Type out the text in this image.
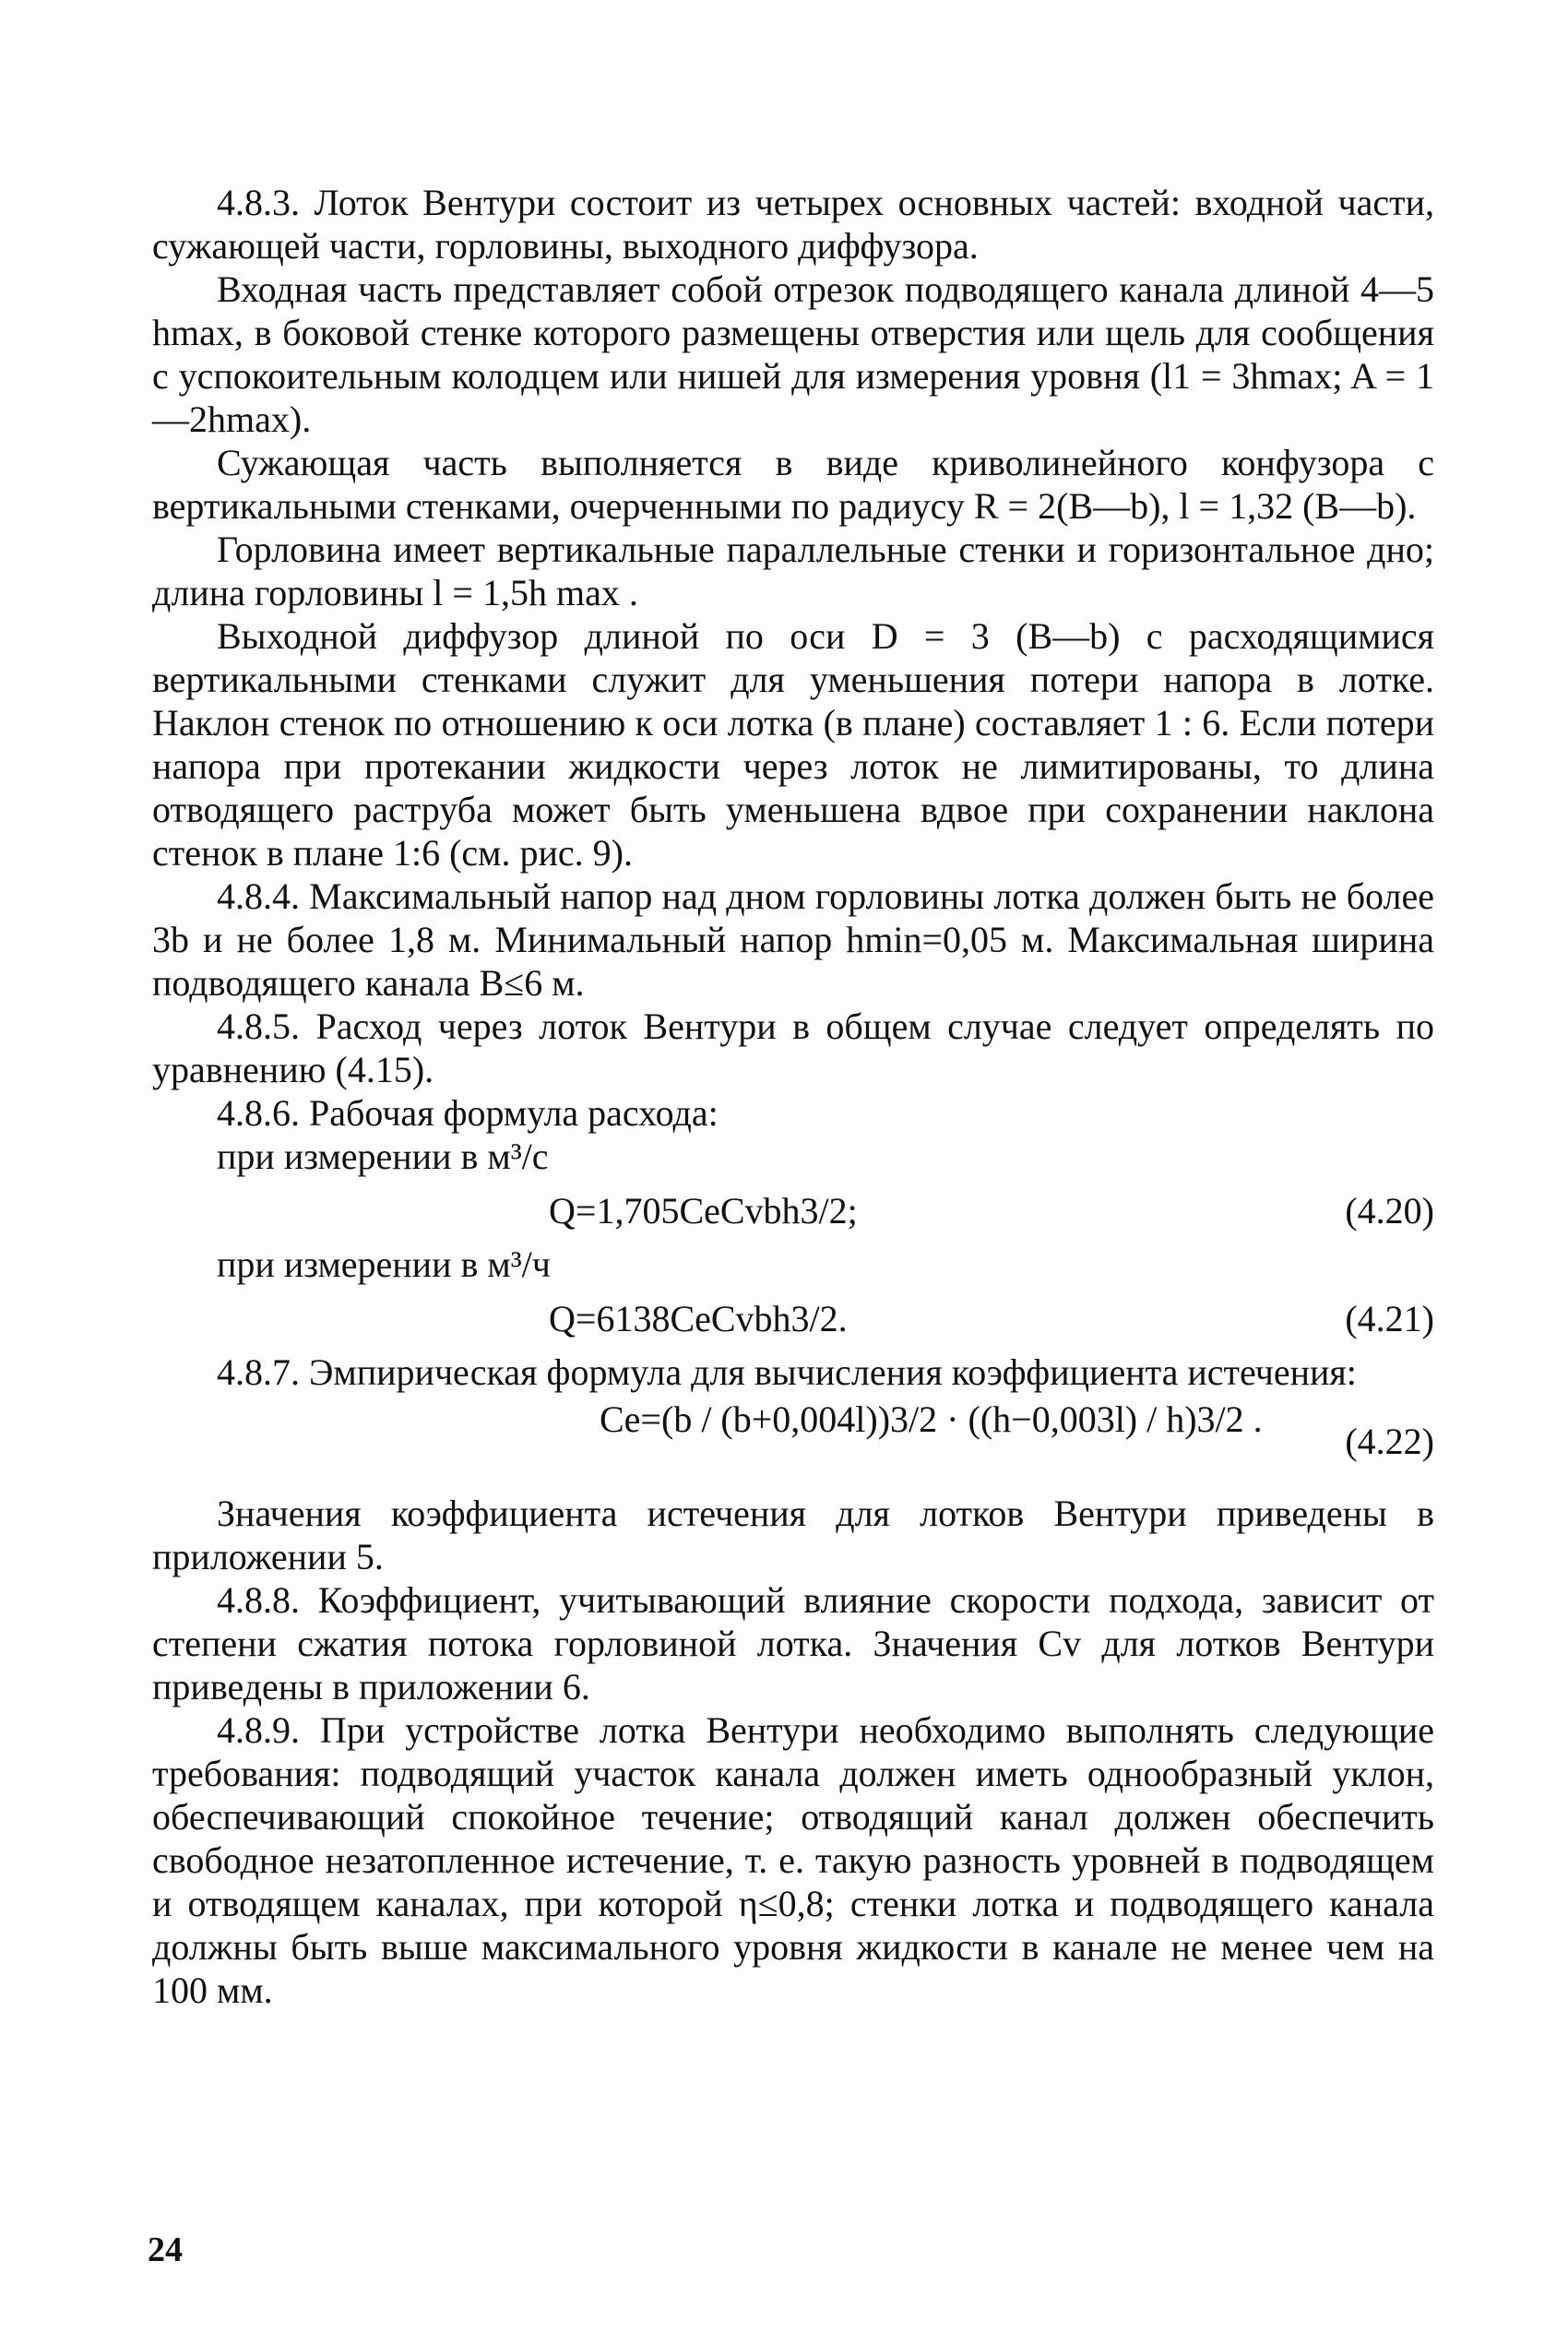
4.8.3. Лоток Вентури состоит из четырех основных частей: входной части, сужающей части, горловины, выходного диффузора.

Входная часть представляет собой отрезок подводящего канала длиной 4—5 hmax, в боковой стенке которого размещены отверстия или щель для сообщения с успокоительным колодцем или нишей для измерения уровня (l1 = 3hmax; A = 1—2hmax).

Сужающая часть выполняется в виде криволинейного конфузора с вертикальными стенками, очерченными по радиусу R = 2(B—b), l = 1,32 (B—b).

Горловина имеет вертикальные параллельные стенки и горизонтальное дно; длина горловины l = 1,5h max .

Выходной диффузор длиной по оси D = 3 (B—b) с расходящимися вертикальными стенками служит для уменьшения потери напора в лотке. Наклон стенок по отношению к оси лотка (в плане) составляет 1 : 6. Если потери напора при протекании жидкости через лоток не лимитированы, то длина отводящего раструба может быть уменьшена вдвое при сохранении наклона стенок в плане 1:6 (см. рис. 9).

4.8.4. Максимальный напор над дном горловины лотка должен быть не более 3b и не более 1,8 м. Минимальный напор hmin=0,05 м. Максимальная ширина подводящего канала B≤6 м.

4.8.5. Расход через лоток Вентури в общем случае следует определять по уравнению (4.15).

4.8.6. Рабочая формула расхода:

при измерении в м³/с

Q=1,705CeCvbh3/2;	(4.20)

при измерении в м³/ч

Q=6138CeCvbh3/2.	(4.21)

4.8.7. Эмпирическая формула для вычисления коэффициента истечения:

Ce=(b / (b+0,004l))3/2 · ((h−0,003l) / h)3/2 .
(4.22)

Значения коэффициента истечения для лотков Вентури приведены в приложении 5.

4.8.8. Коэффициент, учитывающий влияние скорости подхода, зависит от степени сжатия потока горловиной лотка. Значения Cv для лотков Вентури приведены в приложении 6.

4.8.9. При устройстве лотка Вентури необходимо выполнять следующие требования: подводящий участок канала должен иметь однообразный уклон, обеспечивающий спокойное течение; отводящий канал должен обеспечить свободное незатопленное истечение, т. е. такую разность уровней в подводящем и отводящем каналах, при которой η≤0,8; стенки лотка и подводящего канала должны быть выше максимального уровня жидкости в канале не менее чем на 100 мм.

24
